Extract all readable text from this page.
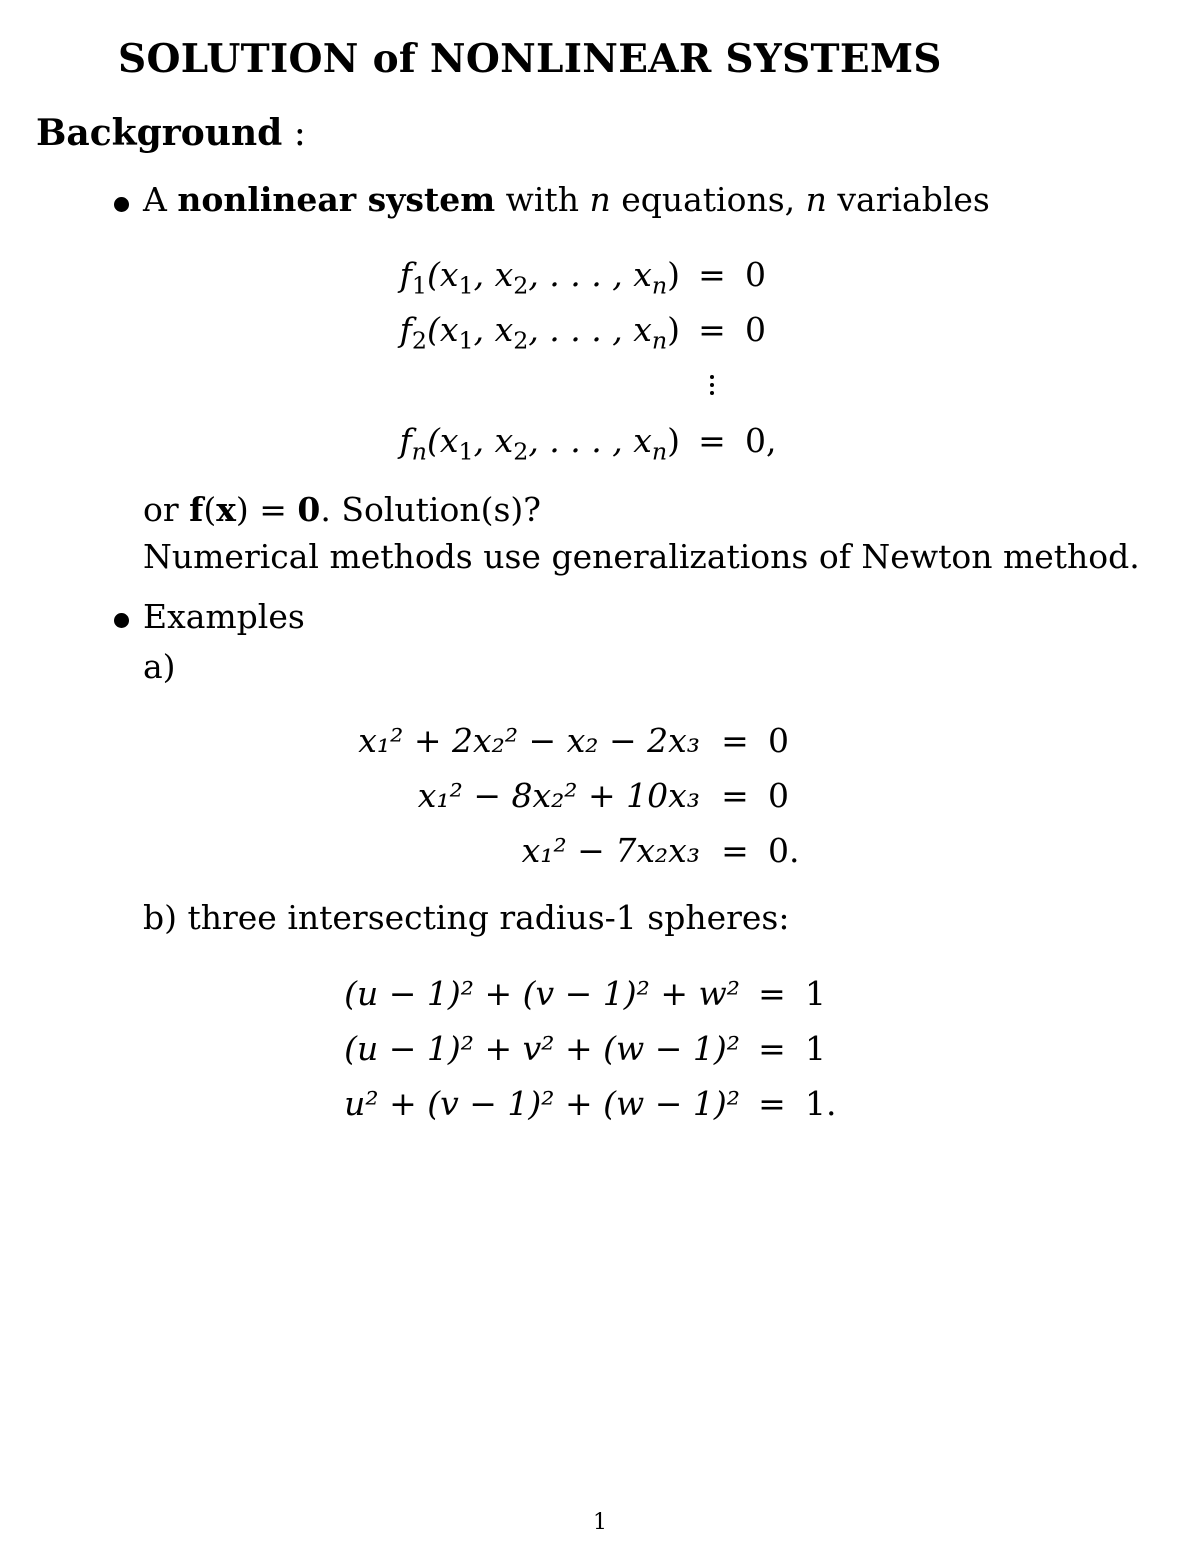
SOLUTION of NONLINEAR SYSTEMS
Background :
A nonlinear system with n equations, n variables
$f_1(x_1$, $x_2$, . . . , $x_n) = 0$
$f_2(x_1$, $x_2$, . . . , $x_n) = 0$
$f_n(x_1$, $x_2$, . . . , $x_n) = 0$,
or f(x) = 0. Solution(s)?
Numerical methods use generalizations of Newton method.
Examples
a)
x₁² + 2x₂² − x₂ − 2x₃ = 0
x₁² − 8x₂² + 10x₃ = 0
x₁² − 7x₂x₃ = 0.
b) three intersecting radius-1 spheres:
(u − 1)² + (v − 1)² + w² = 1
(u − 1)² + v² + (w − 1)² = 1
u² + (v − 1)² + (w − 1)² = 1.
1
